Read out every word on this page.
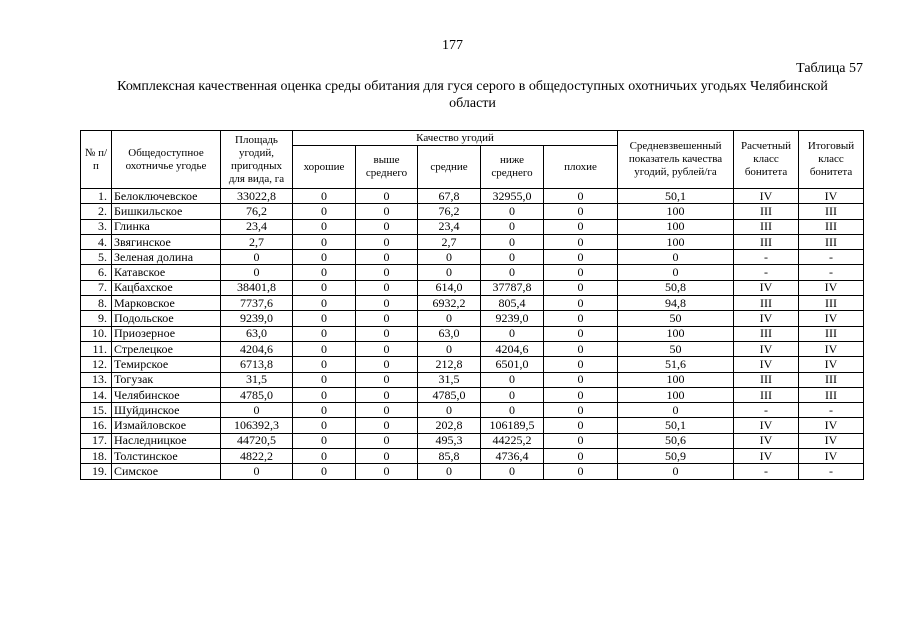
177
Таблица 57
Комплексная качественная оценка среды обитания для гуся серого в общедоступных охотничьих угодьях Челябинской области
№ п/п	Общедоступное охотничье угодье	Площадь угодий, пригодных для вида, га	Качество угодий					Средневзвешенный показатель качества угодий, рублей/га	Расчетный класс бонитета	Итоговый класс бонитета
			хорошие	выше среднего	средние	ниже среднего	плохие			
1.	Белоключевское	33022,8	0	0	67,8	32955,0	0	50,1	IV	IV
2.	Бишкильское	76,2	0	0	76,2	0	0	100	III	III
3.	Глинка	23,4	0	0	23,4	0	0	100	III	III
4.	Звягинское	2,7	0	0	2,7	0	0	100	III	III
5.	Зеленая долина	0	0	0	0	0	0	0	-	-
6.	Катавское	0	0	0	0	0	0	0	-	-
7.	Кацбахское	38401,8	0	0	614,0	37787,8	0	50,8	IV	IV
8.	Марковское	7737,6	0	0	6932,2	805,4	0	94,8	III	III
9.	Подольское	9239,0	0	0	0	9239,0	0	50	IV	IV
10.	Приозерное	63,0	0	0	63,0	0	0	100	III	III
11.	Стрелецкое	4204,6	0	0	0	4204,6	0	50	IV	IV
12.	Темирское	6713,8	0	0	212,8	6501,0	0	51,6	IV	IV
13.	Тогузак	31,5	0	0	31,5	0	0	100	III	III
14.	Челябинское	4785,0	0	0	4785,0	0	0	100	III	III
15.	Шуйдинское	0	0	0	0	0	0	0	-	-
16.	Измайловское	106392,3	0	0	202,8	106189,5	0	50,1	IV	IV
17.	Наследницкое	44720,5	0	0	495,3	44225,2	0	50,6	IV	IV
18.	Толстинское	4822,2	0	0	85,8	4736,4	0	50,9	IV	IV
19.	Симское	0	0	0	0	0	0	0	-	-
